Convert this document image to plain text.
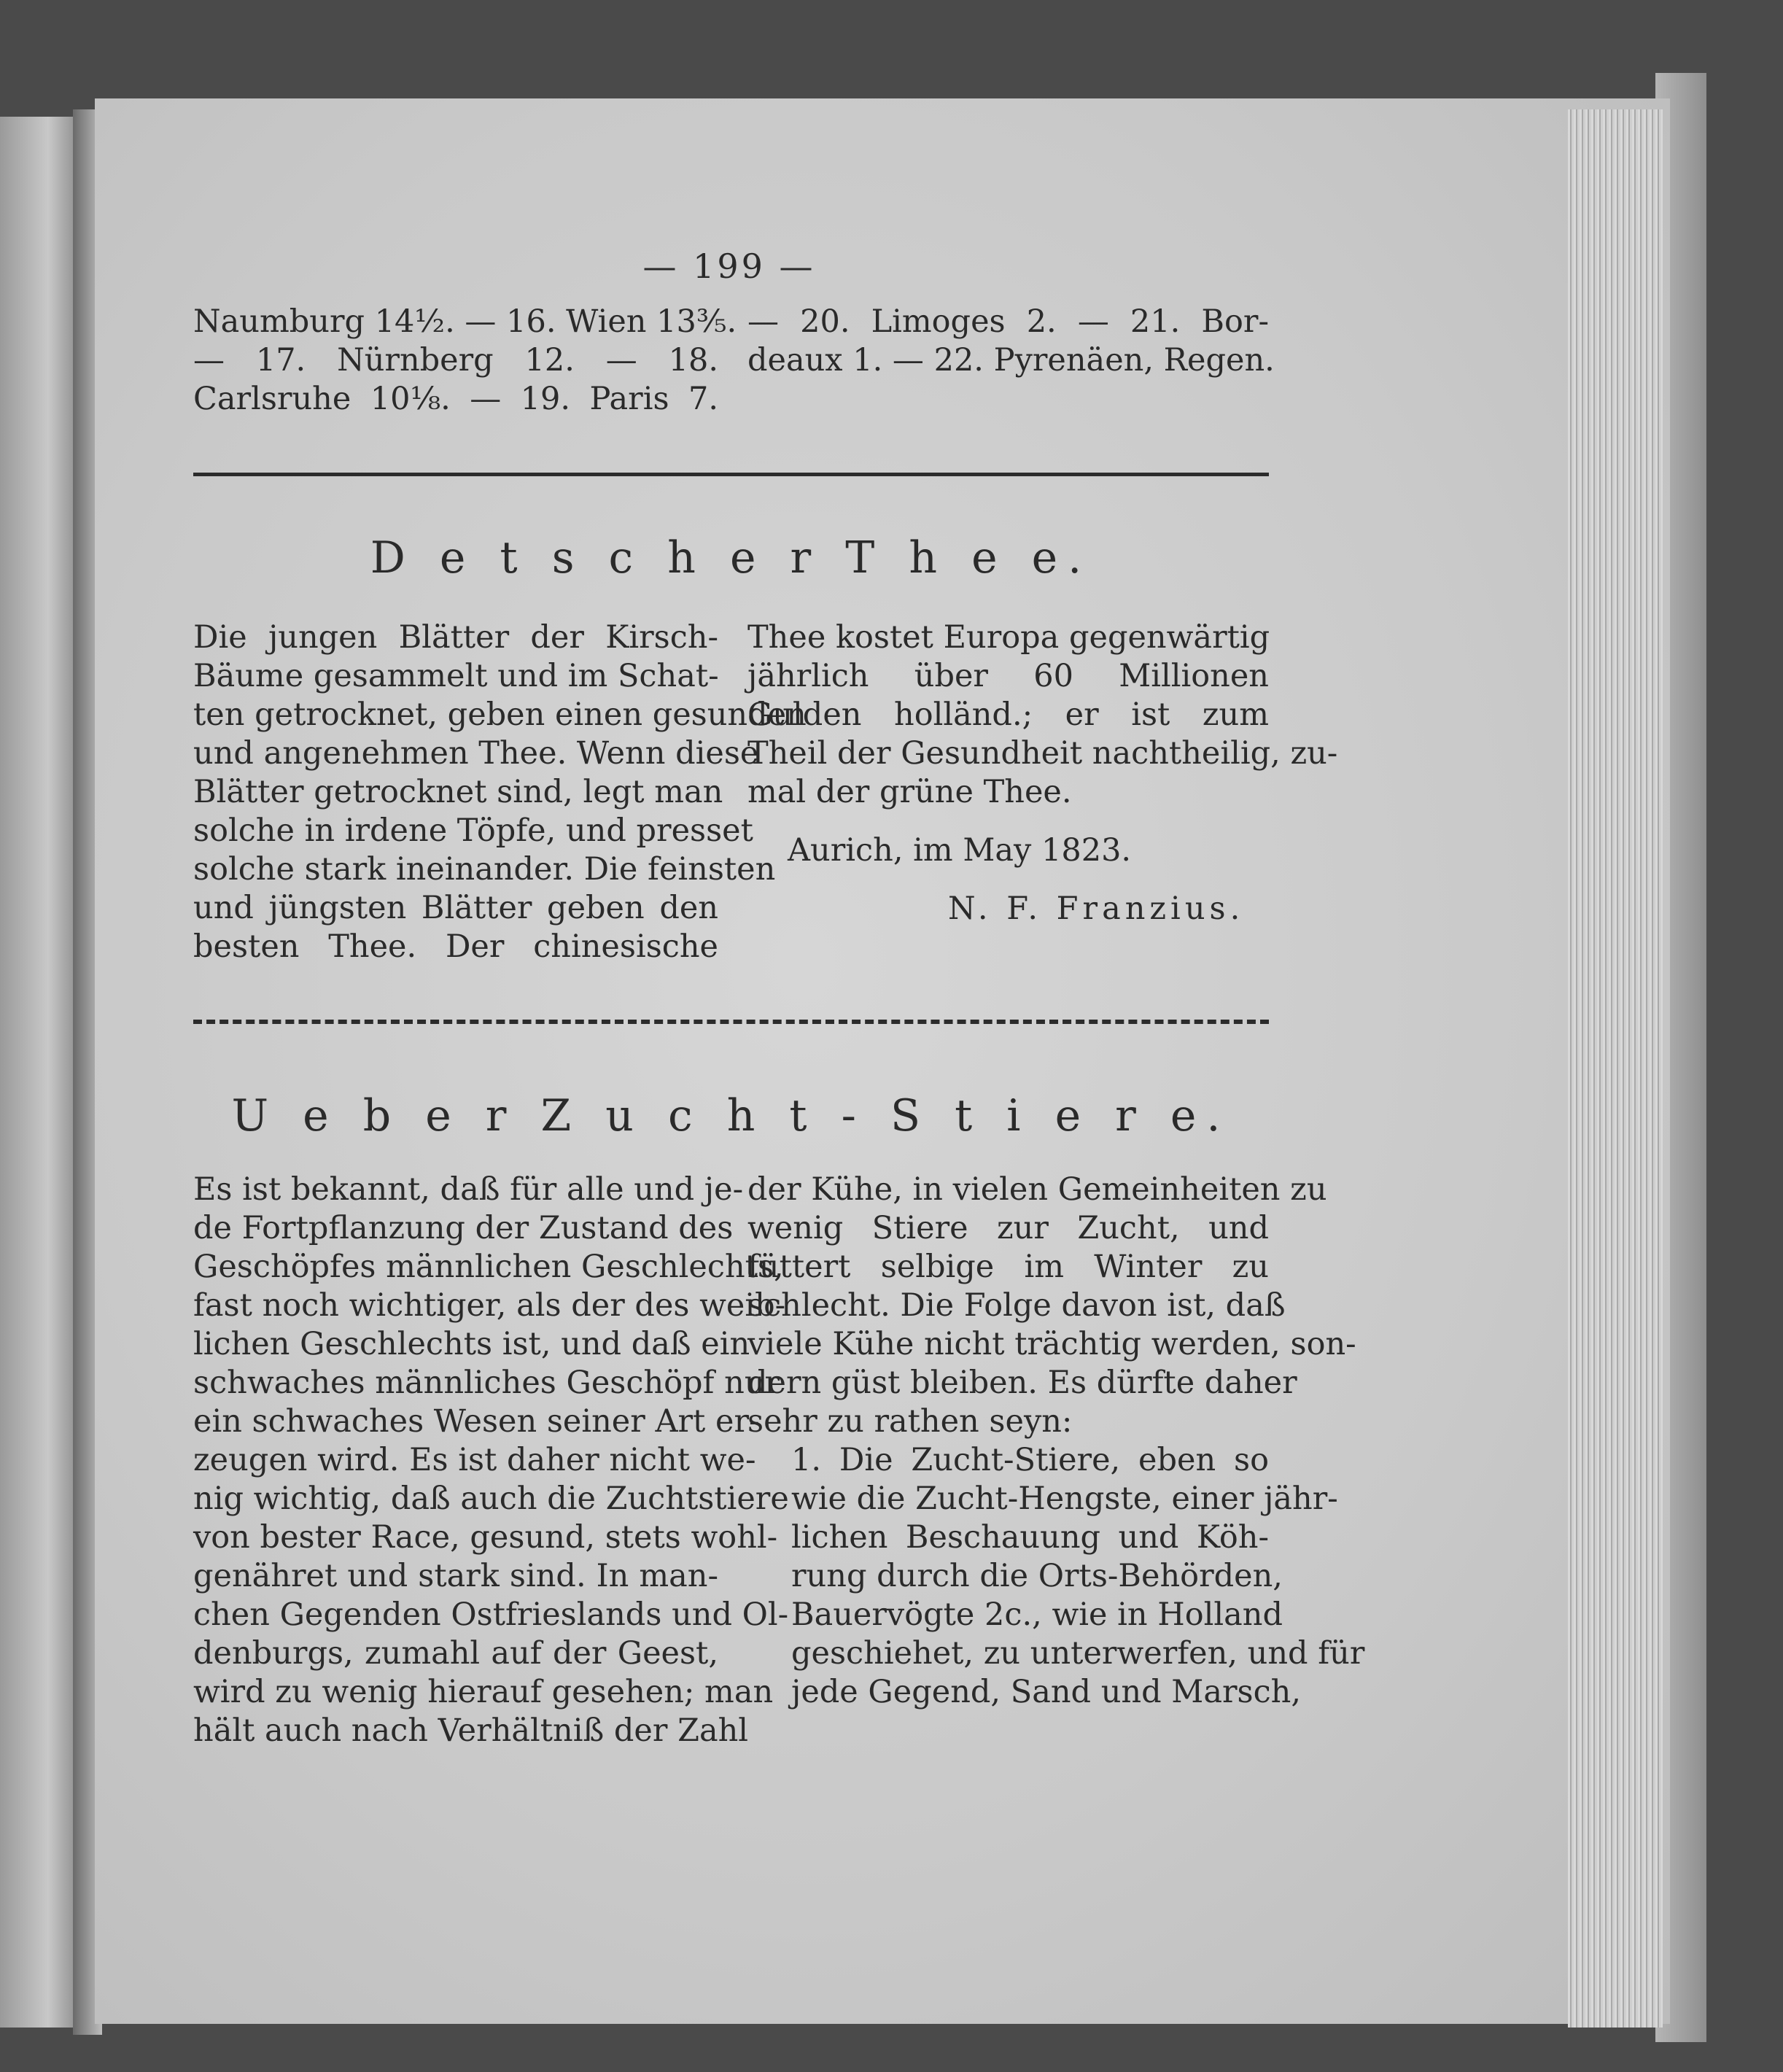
— 199 —
Naumburg 14½. — 16. Wien 13⅗.
— 17. Nürnberg 12. — 18.
Carlsruhe 10⅛. — 19. Paris 7.
— 20. Limoges 2. — 21. Bor-
deaux 1. — 22. Pyrenäen, Regen.
D e t s c h e r T h e e.
Die jungen Blätter der Kirsch-
Bäume gesammelt und im Schat-
ten getrocknet, geben einen gesunden
und angenehmen Thee. Wenn diese
Blätter getrocknet sind, legt man
solche in irdene Töpfe, und presset
solche stark ineinander. Die feinsten
und jüngsten Blätter geben den
besten Thee. Der chinesische
Thee kostet Europa gegenwärtig
jährlich über 60 Millionen
Gulden holländ.; er ist zum
Theil der Gesundheit nachtheilig, zu-
mal der grüne Thee.
Aurich, im May 1823.
N. F. Franzius.
U e b e r Z u c h t - S t i e r e.
Es ist bekannt, daß für alle und je-
de Fortpflanzung der Zustand des
Geschöpfes männlichen Geschlechts,
fast noch wichtiger, als der des weib-
lichen Geschlechts ist, und daß ein
schwaches männliches Geschöpf nur
ein schwaches Wesen seiner Art er-
zeugen wird. Es ist daher nicht we-
nig wichtig, daß auch die Zuchtstiere
von bester Race, gesund, stets wohl-
genähret und stark sind. In man-
chen Gegenden Ostfrieslands und Ol-
denburgs, zumahl auf der Geest,
wird zu wenig hierauf gesehen; man
hält auch nach Verhältniß der Zahl
der Kühe, in vielen Gemeinheiten zu
wenig Stiere zur Zucht, und
füttert selbige im Winter zu
schlecht. Die Folge davon ist, daß
viele Kühe nicht trächtig werden, son-
dern güst bleiben. Es dürfte daher
sehr zu rathen seyn:
1. Die Zucht-Stiere, eben so
wie die Zucht-Hengste, einer jähr-
lichen Beschauung und Köh-
rung durch die Orts-Behörden,
Bauervögte 2c., wie in Holland
geschiehet, zu unterwerfen, und für
jede Gegend, Sand und Marsch,
